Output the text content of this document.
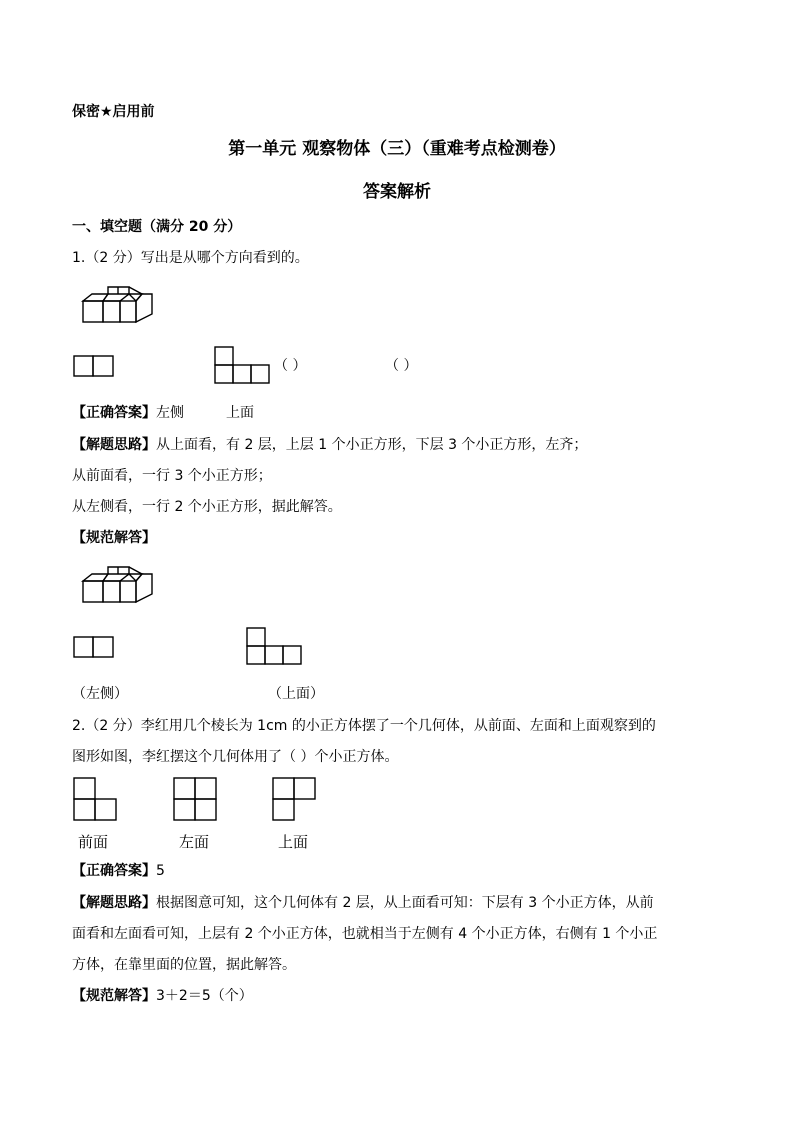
保密★启用前
第一单元 观察物体（三）（重难考点检测卷）
答案解析
一、填空题（满分 20 分）
1.（2 分）写出是从哪个方向看到的。
（ ）	（ ）
【正确答案】左侧	上面
【解题思路】从上面看，有 2 层，上层 1 个小正方形，下层 3 个小正方形，左齐；
从前面看，一行 3 个小正方形；
从左侧看，一行 2 个小正方形，据此解答。
【规范解答】
（左侧）	（上面）
2.（2 分）李红用几个棱长为 1cm 的小正方体摆了一个几何体，从前面、左面和上面观察到的
图形如图，李红摆这个几何体用了（ ）个小正方体。
前面	左面	上面
【正确答案】5
【解题思路】根据图意可知，这个几何体有 2 层，从上面看可知：下层有 3 个小正方体，从前
面看和左面看可知，上层有 2 个小正方体，也就相当于左侧有 4 个小正方体，右侧有 1 个小正
方体，在靠里面的位置，据此解答。
【规范解答】3＋2＝5（个）
